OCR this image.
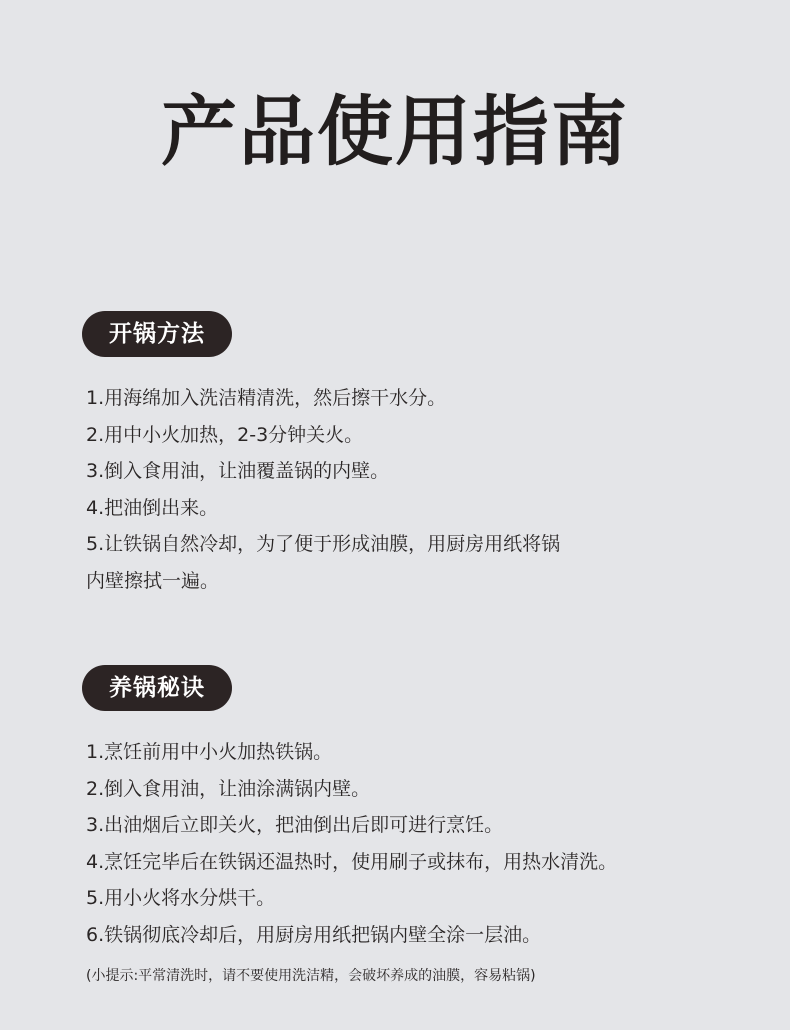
产品使用指南
开锅方法
1.用海绵加入洗洁精清洗，然后擦干水分。
2.用中小火加热，2-3分钟关火。
3.倒入食用油，让油覆盖锅的内壁。
4.把油倒出来。
5.让铁锅自然冷却，为了便于形成油膜，用厨房用纸将锅
内壁擦拭一遍。
养锅秘诀
1.烹饪前用中小火加热铁锅。
2.倒入食用油，让油涂满锅内壁。
3.出油烟后立即关火，把油倒出后即可进行烹饪。
4.烹饪完毕后在铁锅还温热时，使用刷子或抹布，用热水清洗。
5.用小火将水分烘干。
6.铁锅彻底冷却后，用厨房用纸把锅内壁全涂一层油。
(小提示:平常清洗时，请不要使用洗洁精，会破坏养成的油膜，容易粘锅)
